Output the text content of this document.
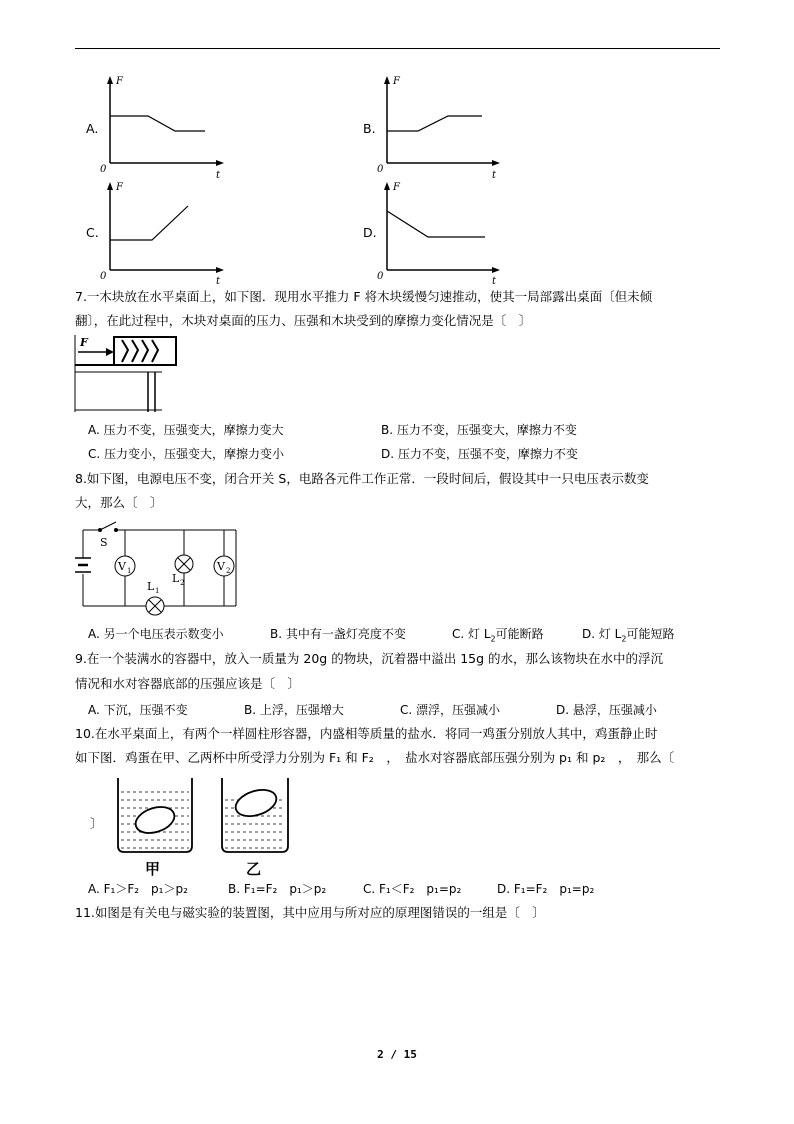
A.
F
t
0
B.
F
t
0
C.
F
t
0
D.
F
t
0
7.一木块放在水平桌面上，如下图．现用水平推力 F 将木块缓慢匀速推动，使其一局部露出桌面〔但未倾
翻〕，在此过程中，木块对桌面的压力、压强和木块受到的摩擦力变化情况是〔　〕
F
A. 压力不变，压强变大，摩擦力变大	B. 压力不变，压强变大，摩擦力不变
C. 压力变小，压强变大，摩擦力变小	D. 压力不变，压强不变，摩擦力不变
8.如下图，电源电压不变，闭合开关 S，电路各元件工作正常．一段时间后，假设其中一只电压表示数变
大，那么〔　〕
S
V 1	V 2
L 1
L 2
A. 另一个电压表示数变小	B. 其中有一盏灯亮度不变	C. 灯 $L_2$可能断路	D. 灯 $L_2$可能短路
9.在一个装满水的容器中，放入一质量为 20g 的物块，沉着器中溢出 15g 的水，那么该物块在水中的浮沉
情况和水对容器底部的压强应该是〔　〕
A. 下沉，压强不变	B. 上浮，压强增大	C. 漂浮，压强减小	D. 悬浮，压强减小
10.在水平桌面上，有两个一样圆柱形容器，内盛相等质量的盐水．将同一鸡蛋分别放人其中，鸡蛋静止时
如下图．鸡蛋在甲、乙两杯中所受浮力分别为 F₁ 和 F₂　，　盐水对容器底部压强分别为 p₁ 和 p₂　，　那么〔
〕
甲	乙
A. F₁＞F₂　p₁＞p₂	B. F₁=F₂　p₁＞p₂	C. F₁＜F₂　p₁=p₂	D. F₁=F₂　p₁=p₂
11.如图是有关电与磁实验的装置图，其中应用与所对应的原理图错误的一组是〔　〕
2 / 15
